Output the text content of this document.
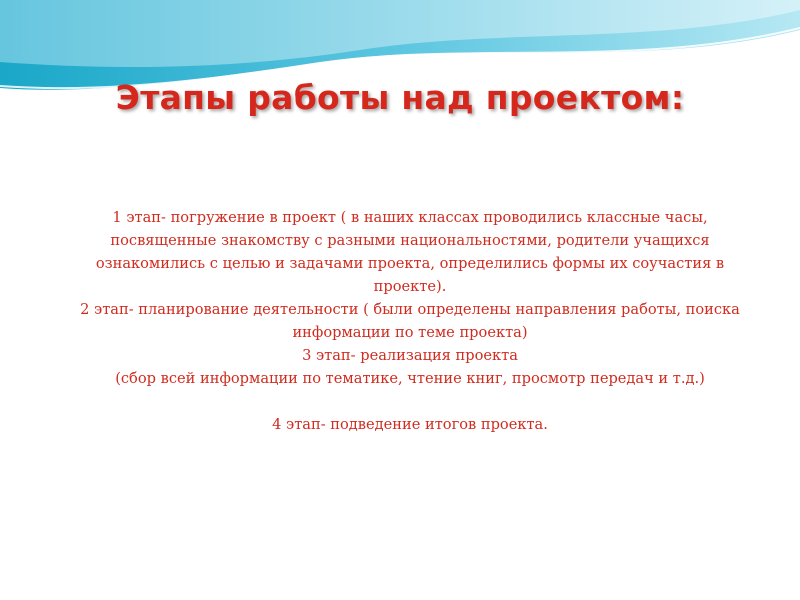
Этапы работы над проектом:

1 этап- погружение в проект ( в наших классах проводились классные часы, посвященные знакомству с разными национальностями, родители учащихся ознакомились с целью и задачами проекта, определились формы их соучастия в проекте).

2 этап- планирование деятельности ( были определены направления работы, поиска информации по теме проекта)

3 этап- реализация проекта

(сбор всей информации по тематике, чтение книг, просмотр передач и т.д.)

4 этап- подведение итогов проекта.
